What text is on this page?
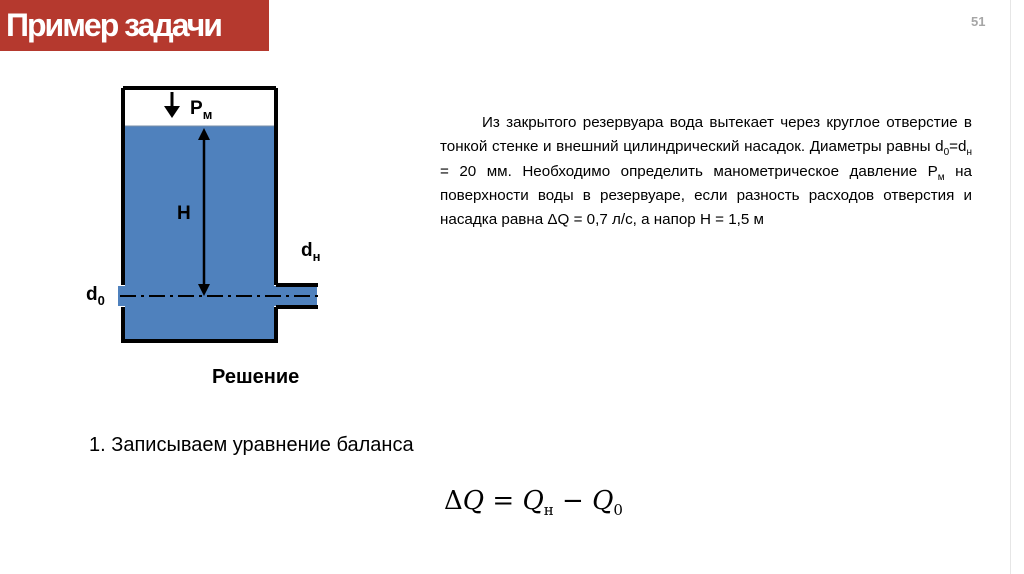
Пример задачи	51
$P_м$
H
$d_н$
$d_0$

Из закрытого резервуара вода вытекает через круглое отверстие в тонкой стенке и внешний цилиндрический насадок. Диаметры равны $d_0=d_н = 20$ мм. Необходимо определить манометрическое давление $P_м$ на поверхности воды в резервуаре, если разность расходов отверстия и насадка равна ΔQ = 0,7 л/с, а напор H = 1,5 м

Решение
1. Записываем уравнение баланса
$\Delta Q = Q_н - Q_0$
